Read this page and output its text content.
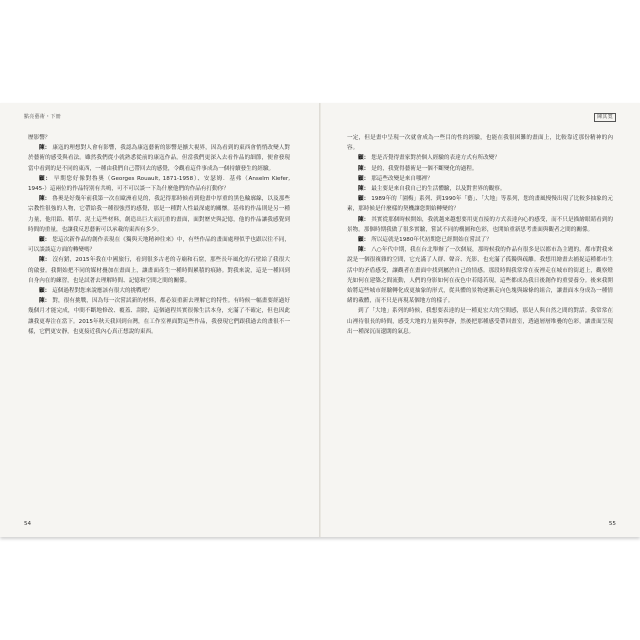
點亮藝術・下冊

歷影響？

陳： 康寇的理想對人會有影響，我認為康寇藝術的影響是擴大視界，因為看到的東西會悄悄改變人對於藝術的感受與看法。雖然我們從小就熟悉從前的康寇作品，但當我們更深入去看作品的細節，便會發現當中看到的是不同的東西，一種由我們自己帶回去的感覺，令觀看這件事成為一個持續發生的經驗。

顧： 早期您好像對魯奧（Georges Rouault, 1871-1958）、安瑟姆．基弗（Anselm Kiefer, 1945-）這兩位的作品特別有共鳴，可不可以談一下為什麼他們的作品有打動你？

陳： 魯奧是好幾年前我第一次在歐洲看見的，我記得那時候看到他畫中厚重的黑色輪廓線，以及那些宗教性很強的人物，它帶給我一種很強烈的感覺，那是一種對人性最深處的關懷。基弗的作品則是另一種力量，他用鉛、稻草、泥土這些材料，創造出巨大而沉重的畫面，面對歷史與記憶，他的作品讓我感覺到時間的重量，也讓我反思藝術可以承載的東西有多少。

顧： 您這次新作品的創作表現在《獨與天地精神往來》中，有些作品的畫面處理似乎也跟以往不同，可以談談這方面的轉變嗎？

陳： 沒有錯，2015年我在中國旅行，看到很多古老的寺廟和石窟，那些長年風化的石壁給了我很大的啟發。我開始把不同的媒材疊加在畫面上，讓畫面產生一種時間累積的痕跡。對我來說，這是一種回到自身內在的練習，也是試著去理解時間、記憶和空間之間的關係。

顧： 這個過程對您來說應該有很大的挑戰吧？

陳： 對，很有挑戰，因為每一次嘗試新的材料，都必須重新去理解它的特性。有時候一幅畫要經過好幾個月才能完成，中間不斷地修改、覆蓋、刮除，這個過程其實很像生活本身，充滿了不確定，但也因此讓我更專注在當下。2015年秋天我回到台灣，在工作室裡面對這些作品，我發現它們跟我過去的畫很不一樣，它們更安靜，也更接近我內心真正想說的東西。

54
陳其寬

一定，但是畫中呈現一次就會成為一些目的性的經驗，也能在我很困難的畫面上，比較靠近那份精神的內容。

顧： 您是否覺得畫家對於個人經驗的表達方式有所改變？

陳： 是的，我覺得藝術是一個不斷變化的過程。

顧： 那這些改變是來自哪裡？

陳： 最主要是來自我自己的生活體驗，以及對世界的觀察。

顧： 1989年的「園梅」系列、到1990年「藝」、「大地」等系列，您的畫風慢慢出現了比較多抽象的元素，那時候是什麼樣的契機讓您開始轉變的？

陳： 其實從那個時候開始，我就越來越想要用更直接的方式表達內心的感受，而不只是描繪眼睛看到的景物。那個時期我做了很多實驗，嘗試不同的構圖和色彩，也開始重新思考畫面與觀者之間的關係。

顧： 所以這就是1980年代初期您已經開始在嘗試了？

陳： 八○年代中期，我在台北舉辦了一次個展，那時候我的作品有很多是以都市為主題的。都市對我來說是一個很複雜的空間，它充滿了人群、聲音、光影，也充滿了孤獨與疏離。我想用繪畫去捕捉這種都市生活中的矛盾感受，讓觀者在畫面中找到屬於自己的情感。那段時間我常常在夜裡走在城市的街道上，觀察燈光如何在建築之間流動，人們的身影如何在夜色中若隱若現，這些都成為我日後創作的重要養分。後來我開始將這些城市經驗轉化成更抽象的形式，從具體的景物逐漸走向色塊與線條的組合，讓畫面本身成為一種情緒的載體，而不只是再現某個地方的樣子。

到了「大地」系列的時候，我想要表達的是一種更宏大的空間感，那是人與自然之間的對話。我常常在山裡待很長的時間，感受大地的力量與寧靜，然後把那種感受帶回畫室，透過層層堆疊的色彩，讓畫面呈現出一種深沉而遼闊的氣息。

55
